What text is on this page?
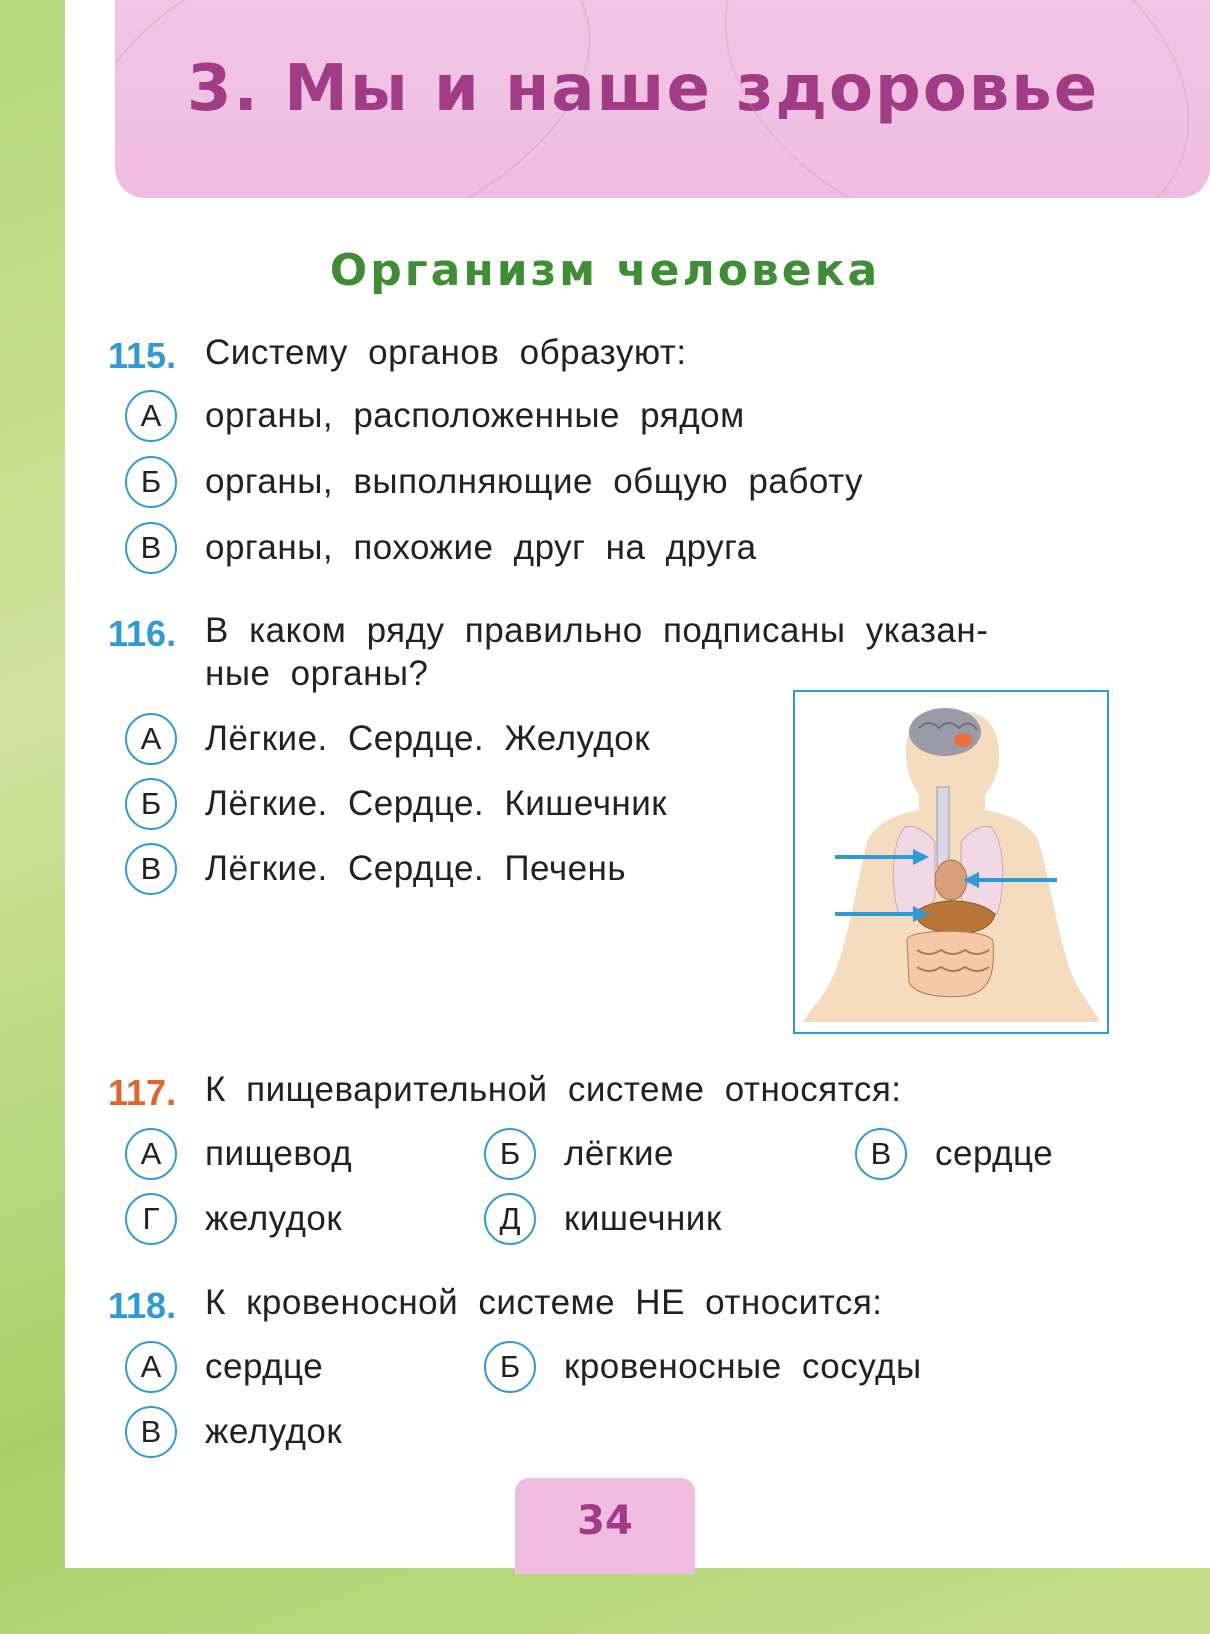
3. Мы и наше здоровье
Организм человека
115. Систему органов образуют:
А	органы, расположенные рядом
Б	органы, выполняющие общую работу
В	органы, похожие друг на друга
116. В каком ряду правильно подписаны указан-
ные органы?
А	Лёгкие. Сердце. Желудок
Б	Лёгкие. Сердце. Кишечник
В	Лёгкие. Сердце. Печень
117. К пищеварительной системе относятся:
А	пищевод	Б	лёгкие	В	сердце
Г	желудок	Д	кишечник
118. К кровеносной системе НЕ относится:
А	сердце	Б	кровеносные сосуды
В	желудок
34
